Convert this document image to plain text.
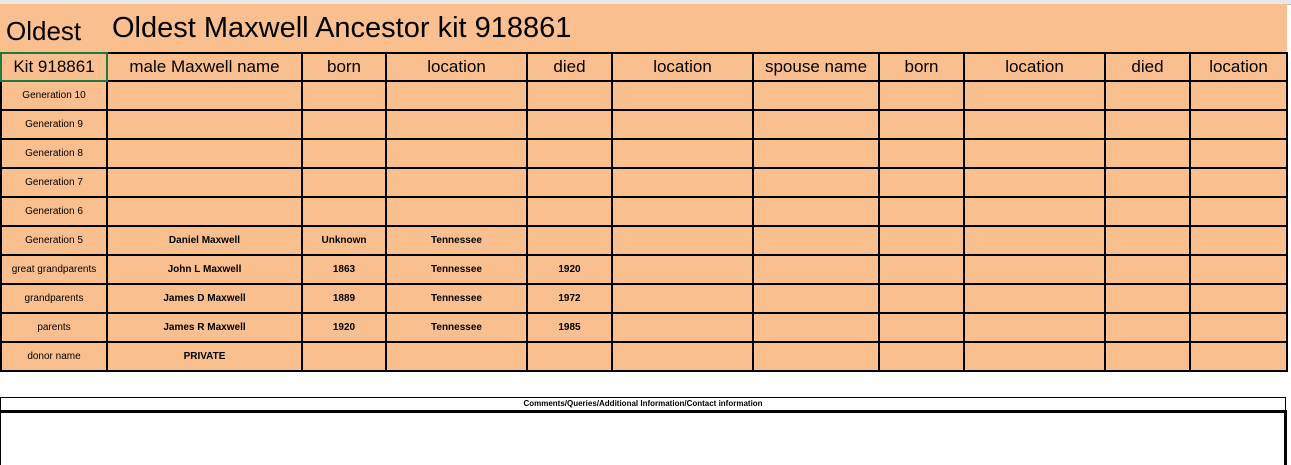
Oldest Oldest Maxwell Ancestor kit 918861
Kit 918861	male Maxwell name	born	location	died	location	spouse name	born	location	died	location
Generation 10										
Generation 9										
Generation 8										
Generation 7										
Generation 6										
Generation 5	Daniel Maxwell	Unknown	Tennessee							
great grandparents	John L Maxwell	1863	Tennessee	1920						
grandparents	James D Maxwell	1889	Tennessee	1972						
parents	James R Maxwell	1920	Tennessee	1985						
donor name	PRIVATE									
Comments/Queries/Additional Information/Contact information
